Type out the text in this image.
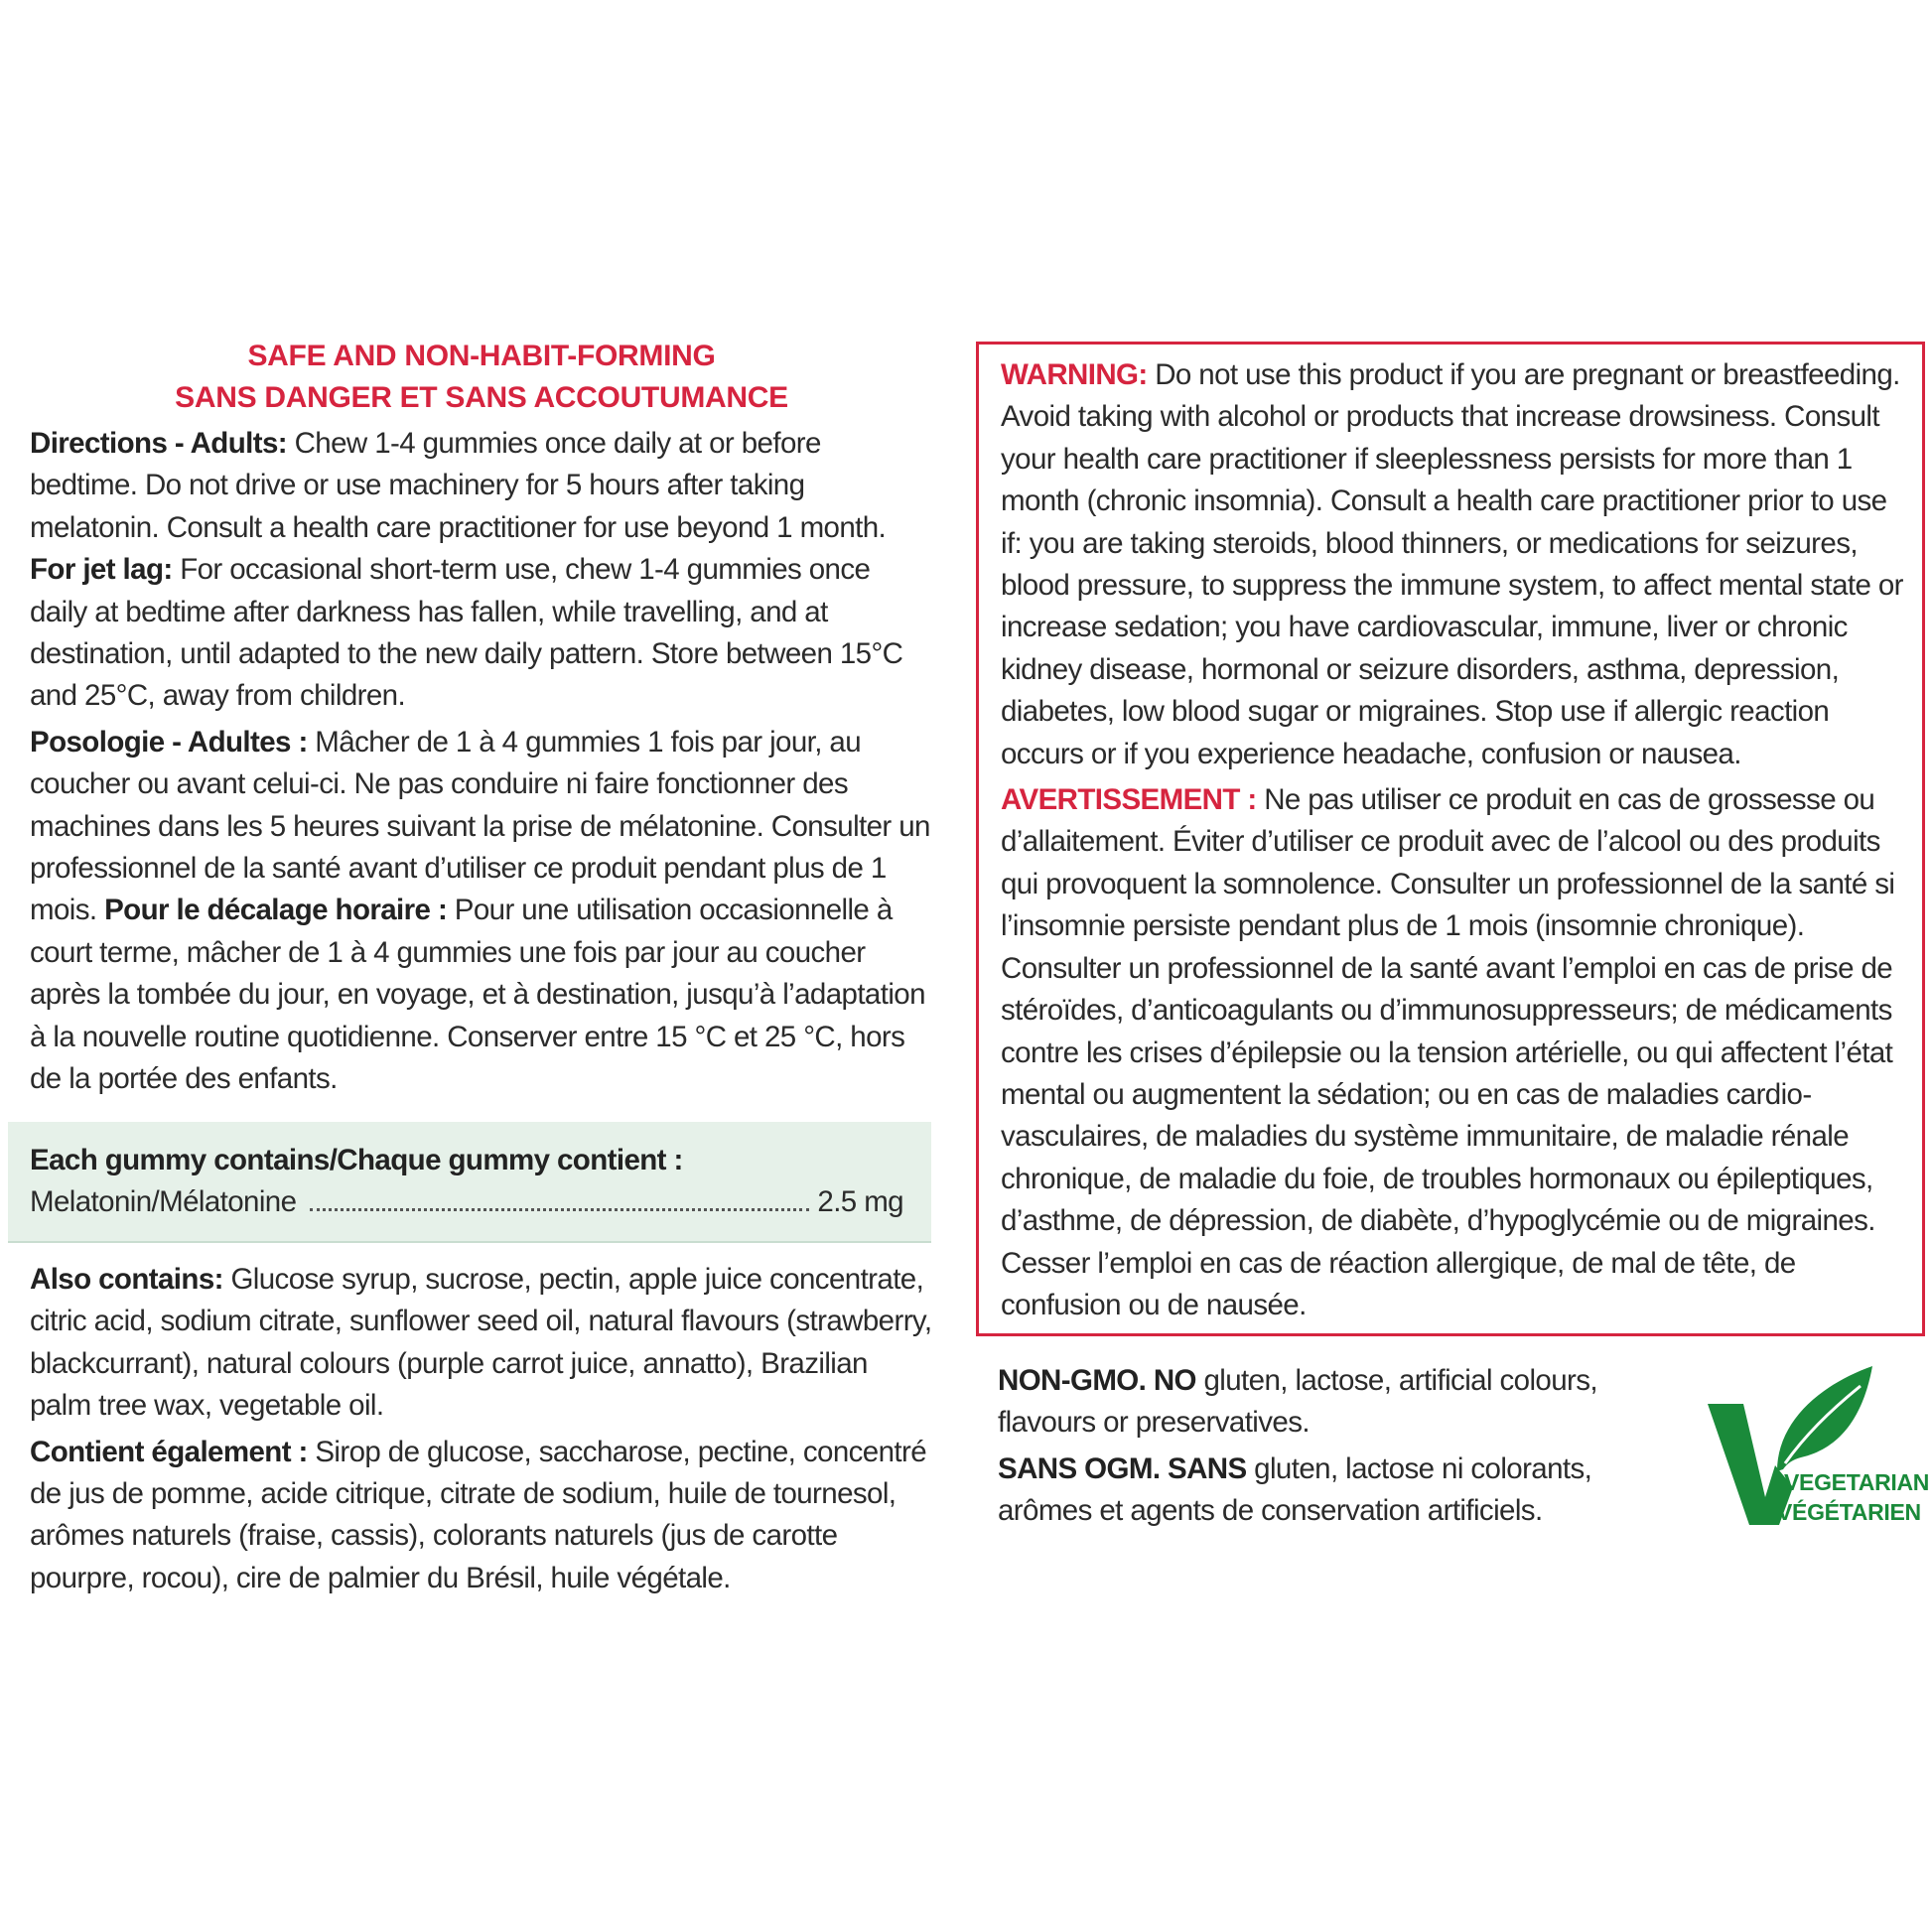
SAFE AND NON-HABIT-FORMING
SANS DANGER ET SANS ACCOUTUMANCE

Directions - Adults: Chew 1-4 gummies once daily at or before bedtime. Do not drive or use machinery for 5 hours after taking melatonin. Consult a health care practitioner for use beyond 1 month.
For jet lag: For occasional short-term use, chew 1-4 gummies once daily at bedtime after darkness has fallen, while travelling, and at destination, until adapted to the new daily pattern. Store between 15°C and 25°C, away from children.

Posologie - Adultes : Mâcher de 1 à 4 gummies 1 fois par jour, au coucher ou avant celui-ci. Ne pas conduire ni faire fonctionner des machines dans les 5 heures suivant la prise de mélatonine. Consulter un professionnel de la santé avant d’utiliser ce produit pendant plus de 1 mois. Pour le décalage horaire : Pour une utilisation occasionnelle à court terme, mâcher de 1 à 4 gummies une fois par jour au coucher après la tombée du jour, en voyage, et à destination, jusqu’à l’adaptation à la nouvelle routine quotidienne. Conserver entre 15 °C et 25 °C, hors de la portée des enfants.

Each gummy contains/Chaque gummy contient :
Melatonin/Mélatonine	2.5 mg

Also contains: Glucose syrup, sucrose, pectin, apple juice concentrate, citric acid, sodium citrate, sunflower seed oil, natural flavours (strawberry, blackcurrant), natural colours (purple carrot juice, annatto), Brazilian palm tree wax, vegetable oil.

Contient également : Sirop de glucose, saccharose, pectine, concentré de jus de pomme, acide citrique, citrate de sodium, huile de tournesol, arômes naturels (fraise, cassis), colorants naturels (jus de carotte pourpre, rocou), cire de palmier du Brésil, huile végétale.

WARNING: Do not use this product if you are pregnant or breastfeeding. Avoid taking with alcohol or products that increase drowsiness. Consult your health care practitioner if sleeplessness persists for more than 1 month (chronic insomnia). Consult a health care practitioner prior to use if: you are taking steroids, blood thinners, or medications for seizures, blood pressure, to suppress the immune system, to affect mental state or increase sedation; you have cardiovascular, immune, liver or chronic kidney disease, hormonal or seizure disorders, asthma, depression, diabetes, low blood sugar or migraines. Stop use if allergic reaction occurs or if you experience headache, confusion or nausea.

AVERTISSEMENT : Ne pas utiliser ce produit en cas de grossesse ou d’allaitement. Éviter d’utiliser ce produit avec de l’alcool ou des produits qui provoquent la somnolence. Consulter un professionnel de la santé si l’insomnie persiste pendant plus de 1 mois (insomnie chronique). Consulter un professionnel de la santé avant l’emploi en cas de prise de stéroïdes, d’anticoagulants ou d’immunosuppresseurs; de médicaments contre les crises d’épilepsie ou la tension artérielle, ou qui affectent l’état mental ou augmentent la sédation; ou en cas de maladies cardio-vasculaires, de maladies du système immunitaire, de maladie rénale chronique, de maladie du foie, de troubles hormonaux ou épileptiques, d’asthme, de dépression, de diabète, d’hypoglycémie ou de migraines. Cesser l’emploi en cas de réaction allergique, de mal de tête, de confusion ou de nausée.

NON-GMO. NO gluten, lactose, artificial colours, flavours or preservatives.

SANS OGM. SANS gluten, lactose ni colorants, arômes et agents de conservation artificiels.

VEGETARIAN
VÉGÉTARIEN
